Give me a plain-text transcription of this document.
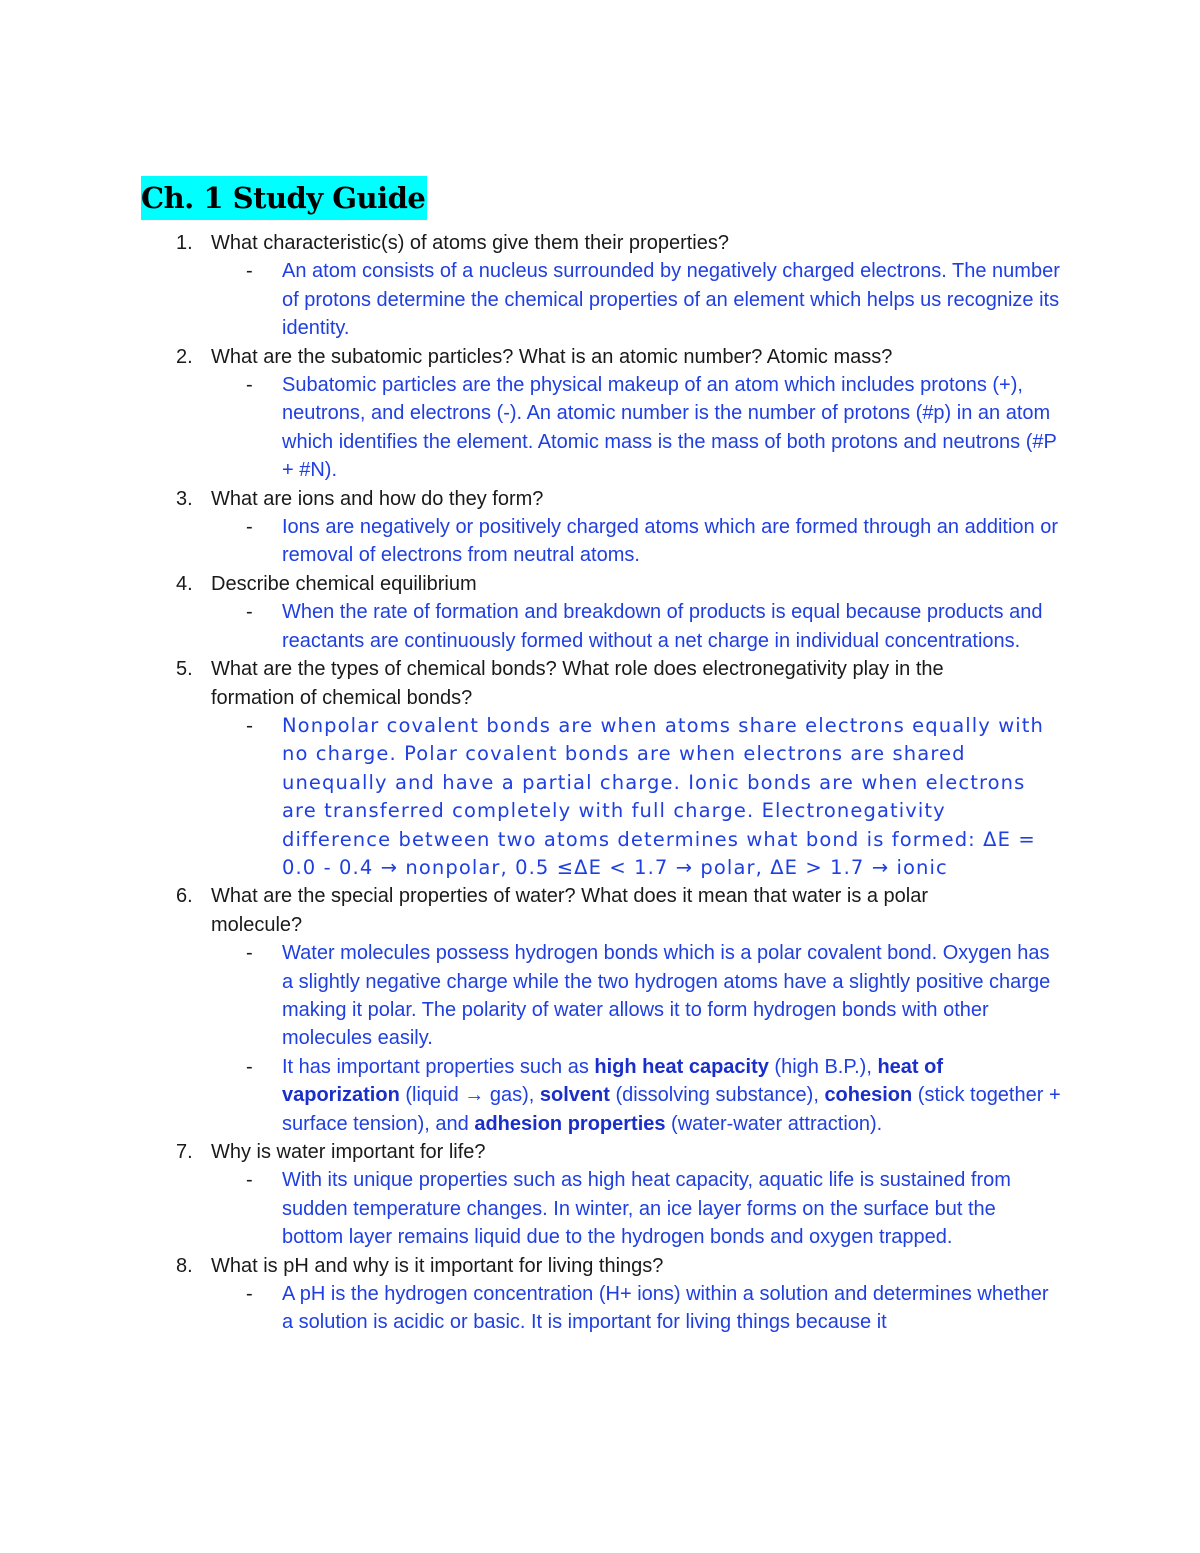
Ch. 1 Study Guide
1. What characteristic(s) of atoms give them their properties?
- An atom consists of a nucleus surrounded by negatively charged electrons. The number of protons determine the chemical properties of an element which helps us recognize its identity.
2. What are the subatomic particles? What is an atomic number? Atomic mass?
- Subatomic particles are the physical makeup of an atom which includes protons (+), neutrons, and electrons (-). An atomic number is the number of protons (#p) in an atom which identifies the element. Atomic mass is the mass of both protons and neutrons (#P + #N).
3. What are ions and how do they form?
- Ions are negatively or positively charged atoms which are formed through an addition or removal of electrons from neutral atoms.
4. Describe chemical equilibrium
- When the rate of formation and breakdown of products is equal because products and reactants are continuously formed without a net charge in individual concentrations.
5. What are the types of chemical bonds? What role does electronegativity play in the formation of chemical bonds?
- Nonpolar covalent bonds are when atoms share electrons equally with no charge. Polar covalent bonds are when electrons are shared unequally and have a partial charge. Ionic bonds are when electrons are transferred completely with full charge. Electronegativity difference between two atoms determines what bond is formed: ΔE = 0.0 - 0.4 → nonpolar, 0.5 ≤ΔE < 1.7 → polar, ΔE > 1.7 → ionic
6. What are the special properties of water? What does it mean that water is a polar molecule?
- Water molecules possess hydrogen bonds which is a polar covalent bond. Oxygen has a slightly negative charge while the two hydrogen atoms have a slightly positive charge making it polar. The polarity of water allows it to form hydrogen bonds with other molecules easily.
- It has important properties such as high heat capacity (high B.P.), heat of vaporization (liquid → gas), solvent (dissolving substance), cohesion (stick together + surface tension), and adhesion properties (water-water attraction).
7. Why is water important for life?
- With its unique properties such as high heat capacity, aquatic life is sustained from sudden temperature changes. In winter, an ice layer forms on the surface but the bottom layer remains liquid due to the hydrogen bonds and oxygen trapped.
8. What is pH and why is it important for living things?
- A pH is the hydrogen concentration (H+ ions) within a solution and determines whether a solution is acidic or basic. It is important for living things because it
